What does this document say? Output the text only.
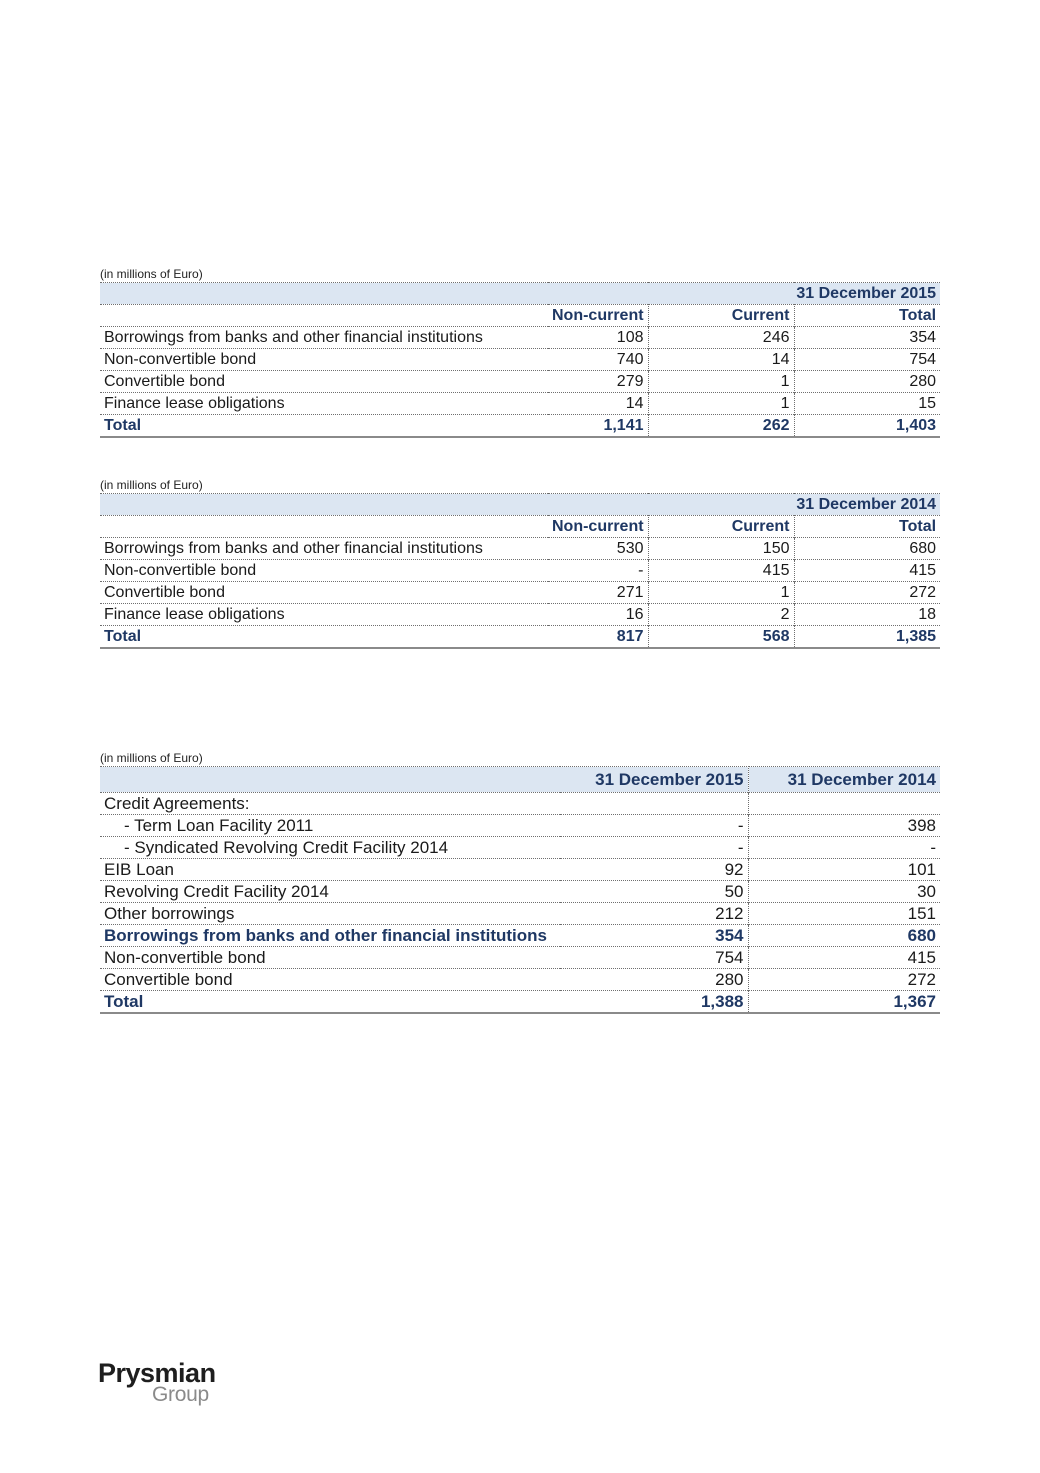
(in millions of Euro)
31 December 2015			
	Non-current	Current	Total
Borrowings from banks and other financial institutions	108	246	354
Non-convertible bond	740	14	754
Convertible bond	279	1	280
Finance lease obligations	14	1	15
Total	1,141	262	1,403
(in millions of Euro)
31 December 2014			
	Non-current	Current	Total
Borrowings from banks and other financial institutions	530	150	680
Non-convertible bond	-	415	415
Convertible bond	271	1	272
Finance lease obligations	16	2	18
Total	817	568	1,385
(in millions of Euro)
	31 December 2015	31 December 2014
Credit Agreements:		
- Term Loan Facility 2011	-	398
- Syndicated Revolving Credit Facility 2014	-	-
EIB Loan	92	101
Revolving Credit Facility 2014	50	30
Other borrowings	212	151
Borrowings from banks and other financial institutions	354	680
Non-convertible bond	754	415
Convertible bond	280	272
Total	1,388	1,367
Prysmian
Group
